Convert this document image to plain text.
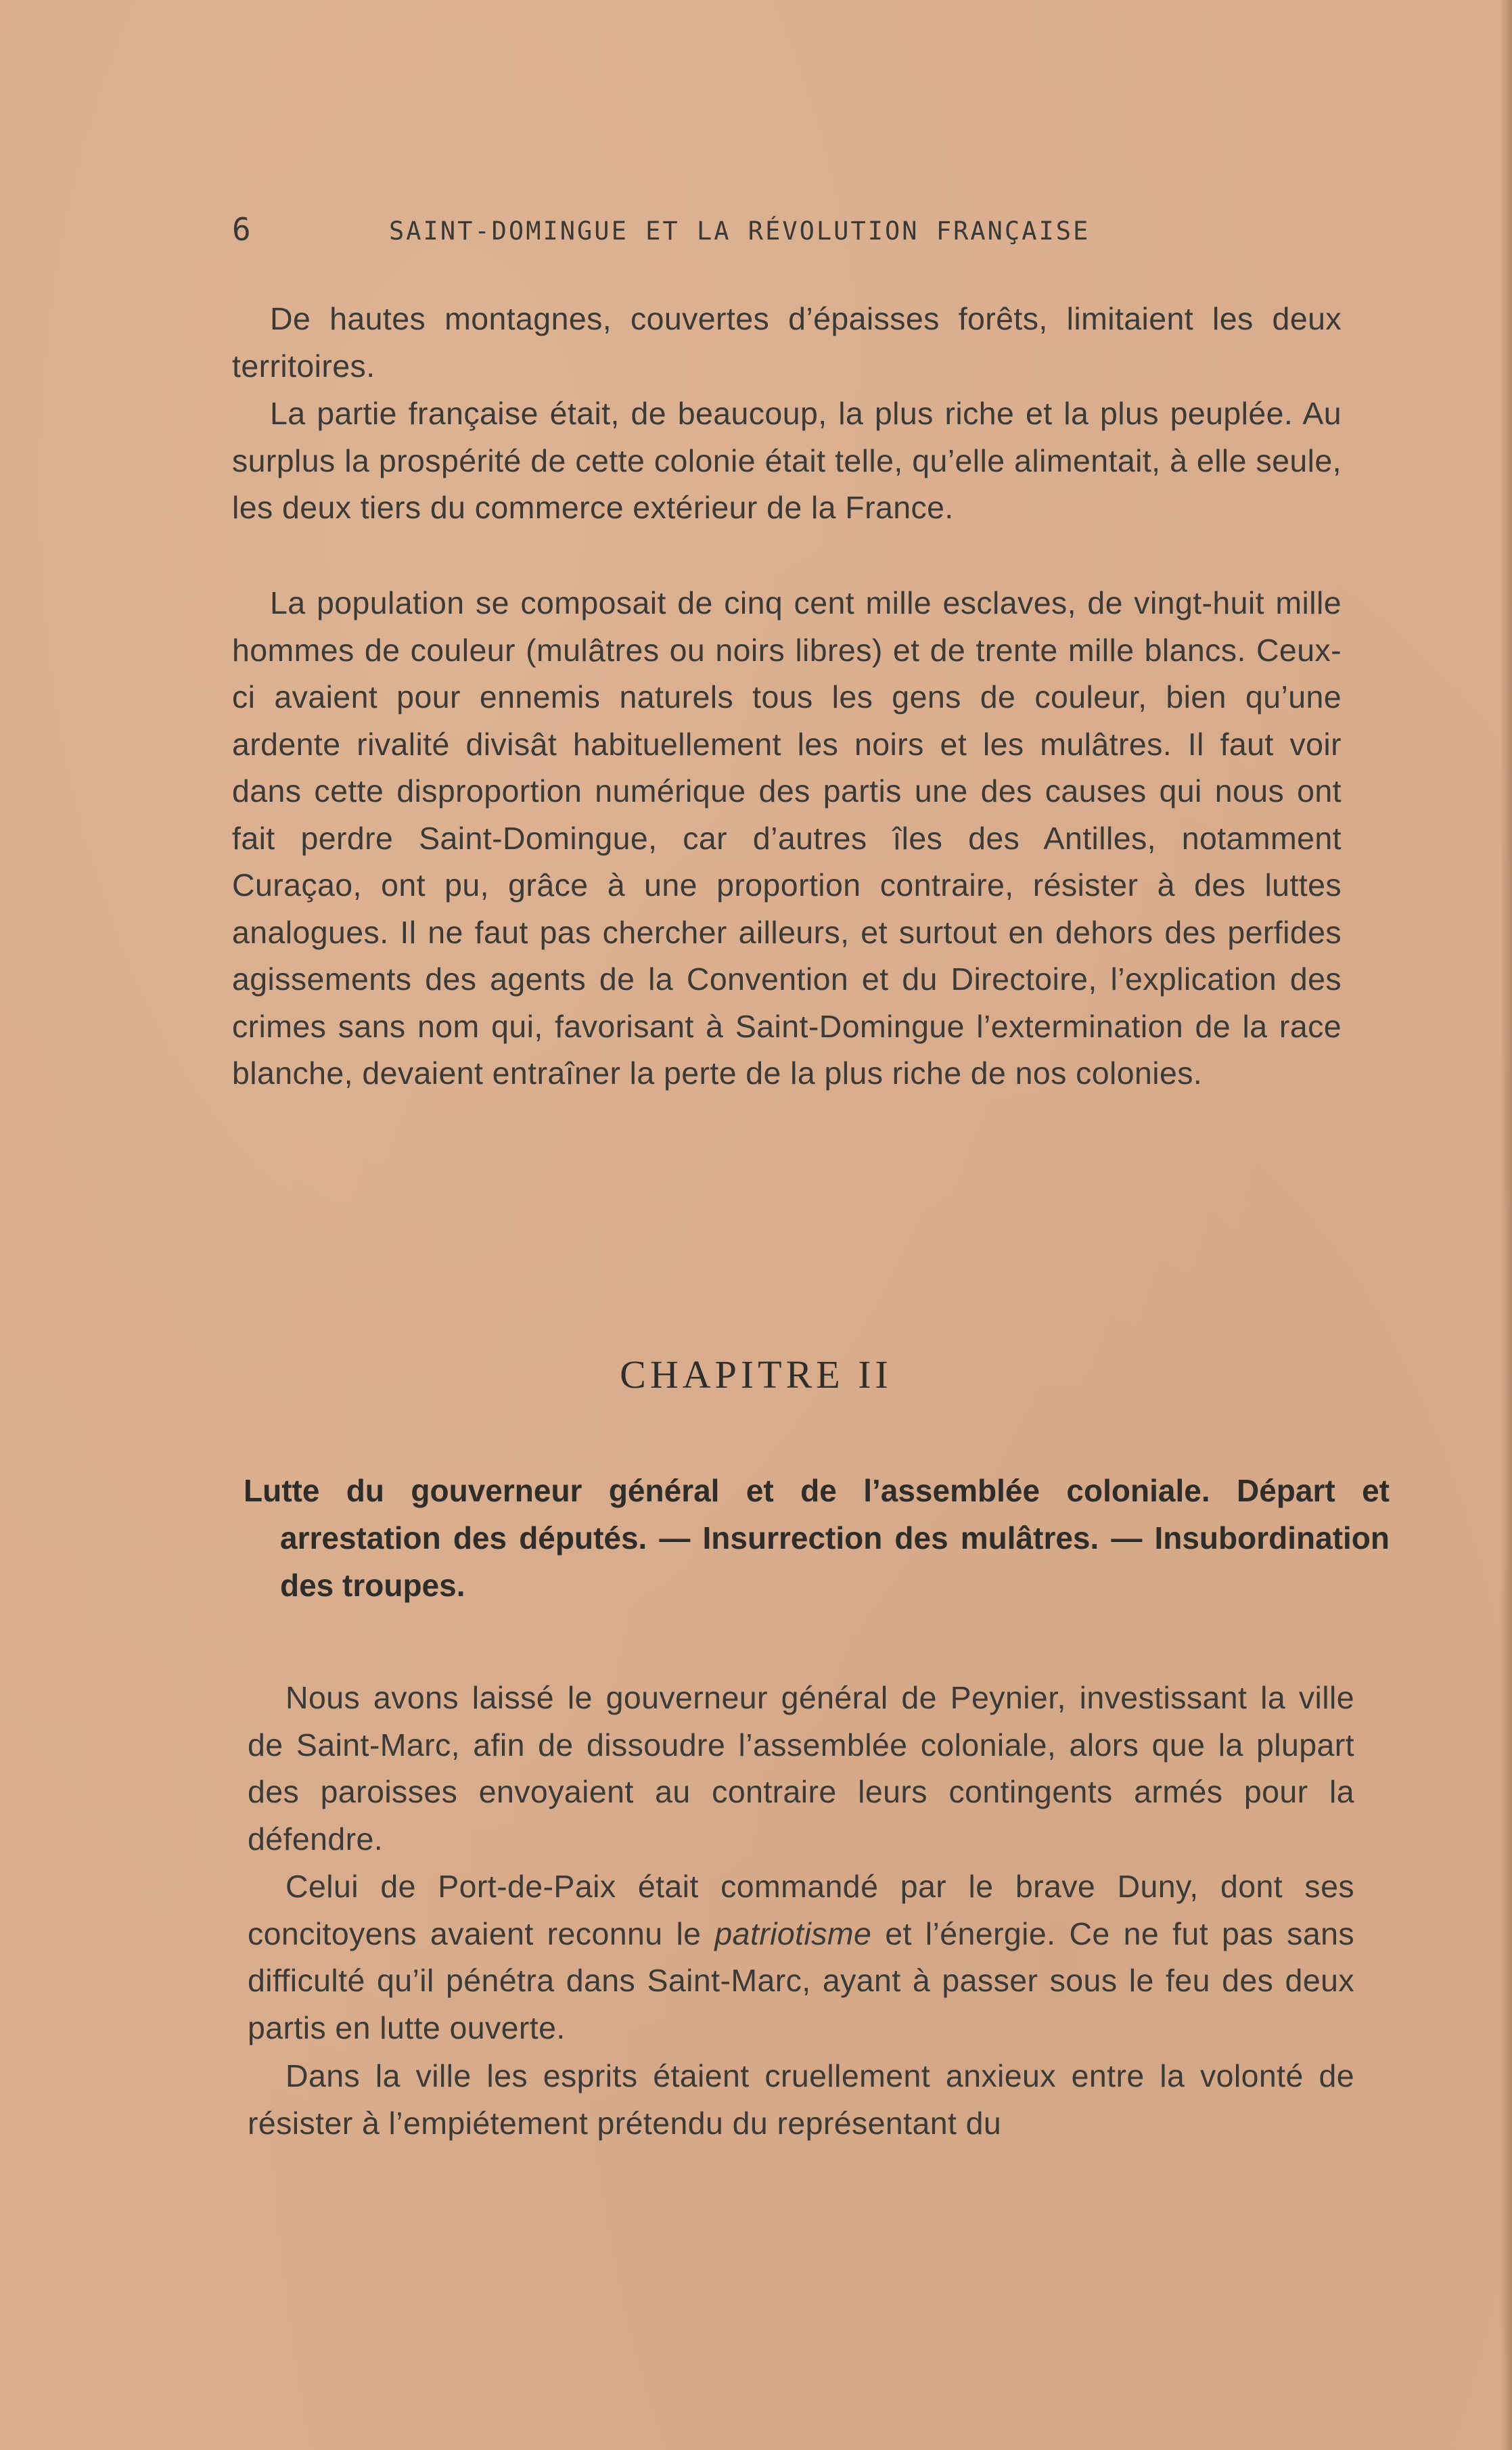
6	SAINT-DOMINGUE ET LA RÉVOLUTION FRANÇAISE

De hautes montagnes, couvertes d’épaisses forêts, limitaient les deux territoires.

La partie française était, de beaucoup, la plus riche et la plus peuplée. Au surplus la prospérité de cette colonie était telle, qu’elle alimentait, à elle seule, les deux tiers du commerce extérieur de la France.

La population se composait de cinq cent mille esclaves, de vingt-huit mille hommes de couleur (mulâtres ou noirs libres) et de trente mille blancs. Ceux-ci avaient pour ennemis naturels tous les gens de couleur, bien qu’une ardente rivalité divisât habituellement les noirs et les mulâtres. Il faut voir dans cette disproportion numérique des partis une des causes qui nous ont fait perdre Saint-Domingue, car d’autres îles des Antilles, notamment Curaçao, ont pu, grâce à une proportion contraire, résister à des luttes analogues. Il ne faut pas chercher ailleurs, et surtout en dehors des perfides agissements des agents de la Convention et du Directoire, l’explication des crimes sans nom qui, favorisant à Saint-Domingue l’extermination de la race blanche, devaient entraîner la perte de la plus riche de nos colonies.

CHAPITRE II

Lutte du gouverneur général et de l’assemblée coloniale. Départ et arrestation des députés. — Insurrection des mulâtres. — Insubordination des troupes.

Nous avons laissé le gouverneur général de Peynier, investissant la ville de Saint-Marc, afin de dissoudre l’assemblée coloniale, alors que la plupart des paroisses envoyaient au contraire leurs contingents armés pour la défendre.

Celui de Port-de-Paix était commandé par le brave Duny, dont ses concitoyens avaient reconnu le patriotisme et l’énergie. Ce ne fut pas sans difficulté qu’il pénétra dans Saint-Marc, ayant à passer sous le feu des deux partis en lutte ouverte.

Dans la ville les esprits étaient cruellement anxieux entre la volonté de résister à l’empiétement prétendu du représentant du
